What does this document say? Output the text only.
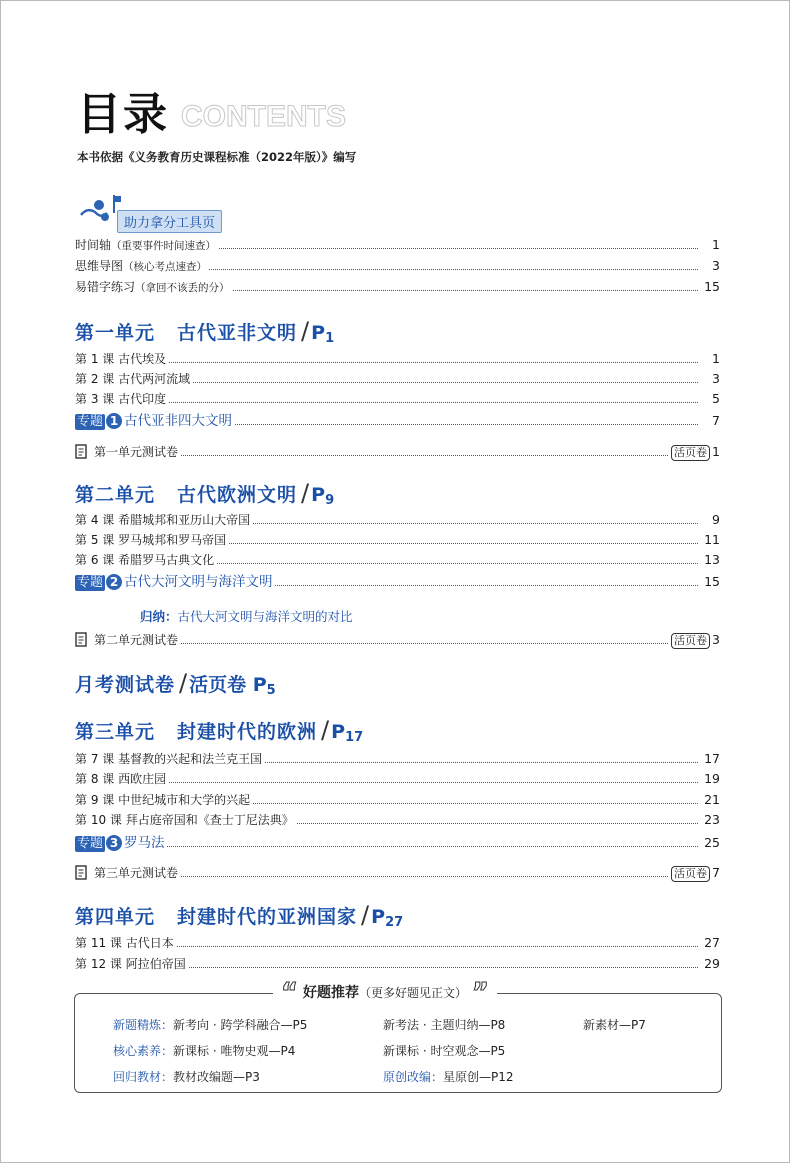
目录 CONTENTS
本书依据《义务教育历史课程标准（2022年版）》编写
助力拿分工具页
时间轴（重要事件时间速查）	1
思维导图（核心考点速查）	3
易错字练习（拿回不该丢的分）	15
第一单元 古代亚非文明 / $P_1$
第 1 课 古代埃及	1
第 2 课 古代两河流域	3
第 3 课 古代印度	5
专题 1 古代亚非四大文明	7
第一单元测试卷	活页卷 1
第二单元 古代欧洲文明 / $P_9$
第 4 课 希腊城邦和亚历山大帝国	9
第 5 课 罗马城邦和罗马帝国	11
第 6 课 希腊罗马古典文化	13
专题 2 古代大河文明与海洋文明	15
归纳：古代大河文明与海洋文明的对比
第二单元测试卷	活页卷 3
月考测试卷 / 活页卷 $P_5$
第三单元 封建时代的欧洲 / $P_{17}$
第 7 课 基督教的兴起和法兰克王国	17
第 8 课 西欧庄园	19
第 9 课 中世纪城市和大学的兴起	21
第 10 课 拜占庭帝国和《查士丁尼法典》	23
专题 3 罗马法	25
第三单元测试卷	活页卷 7
第四单元 封建时代的亚洲国家 / $P_{27}$
第 11 课 古代日本	27
第 12 课 阿拉伯帝国	29
“ 好题推荐（更多好题见正文） ”
新题精炼：新考向 · 跨学科融合—P5	新考法 · 主题归纳—P8	新素材—P7
核心素养：新课标 · 唯物史观—P4	新课标 · 时空观念—P5
回归教材：教材改编题—P3	原创改编：星原创—P12
